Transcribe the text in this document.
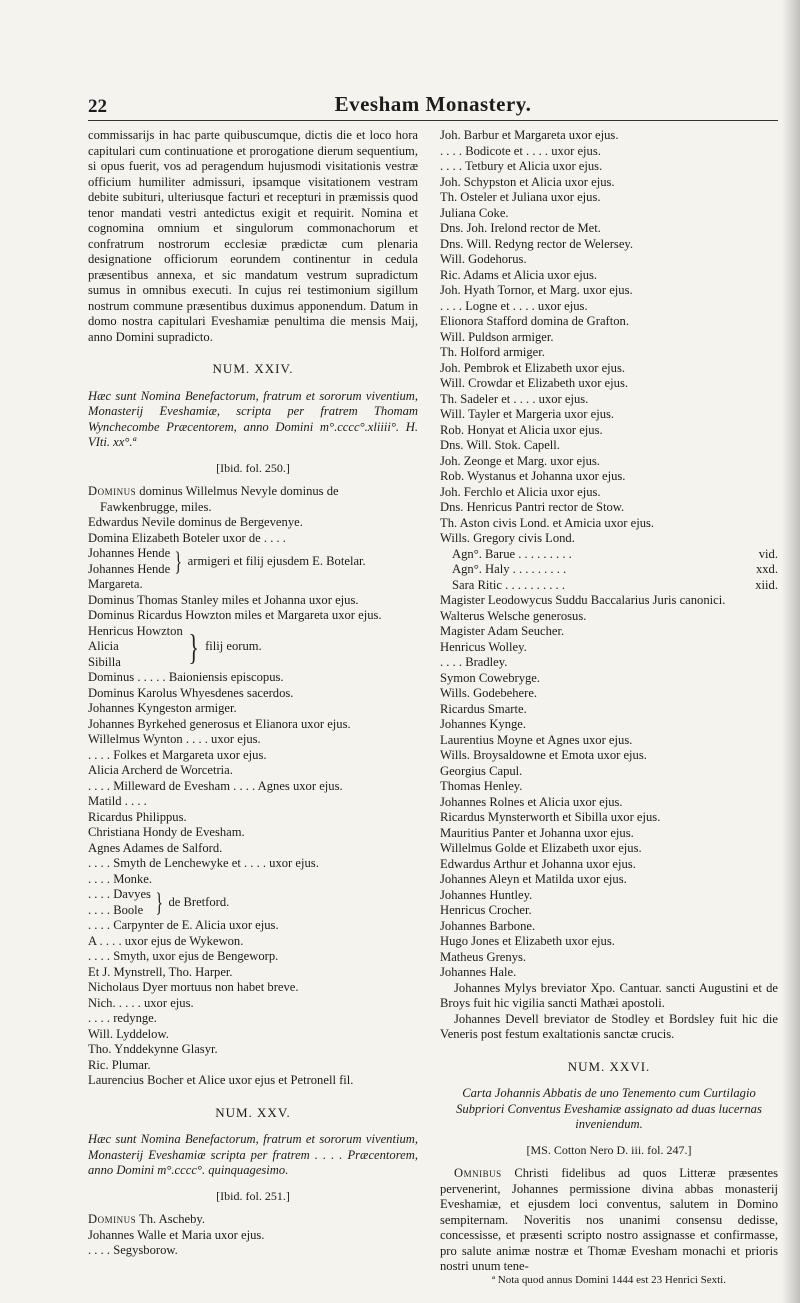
22	Evesham Monastery.

commissarijs in hac parte quibuscumque, dictis die et loco hora capitulari cum continuatione et prorogatione dierum sequentium, si opus fuerit, vos ad peragendum hujusmodi visitationis vestræ officium humiliter admissuri, ipsamque visitationem vestram debite subituri, ulteriusque facturi et recepturi in præmissis quod tenor mandati vestri antedictus exigit et requirit. Nomina et cognomina omnium et singulorum commonachorum et confratrum nostrorum ecclesiæ prædictæ cum plenaria designatione officiorum eorundem continentur in cedula præsentibus annexa, et sic mandatum vestrum supradictum sumus in omnibus executi. In cujus rei testimonium sigillum nostrum commune præsentibus duximus apponendum. Datum in domo nostra capitulari Eveshamiæ penultima die mensis Maij, anno Domini supradicto.

NUM. XXIV.

Hæc sunt Nomina Benefactorum, fratrum et sororum viventium, Monasterij Eveshamiæ, scripta per fratrem Thomam Wynchecombe Præcentorem, anno Domini m°.cccc°.xliiii°. H. VIti. xx°.ª

[Ibid. fol. 250.]

Dominus dominus Willelmus Nevyle dominus de Fawkenbrugge, miles.

Edwardus Nevile dominus de Bergevenye.

Domina Elizabeth Boteler uxor de . . . .

Johannes Hende
Johannes Hende } armigeri et filij ejusdem E. Botelar.

Margareta.

Dominus Thomas Stanley miles et Johanna uxor ejus.

Dominus Ricardus Howzton miles et Margareta uxor ejus.

Henricus Howzton
Alicia
Sibilla	} filij eorum.

Dominus . . . . . Baioniensis episcopus.

Dominus Karolus Whyesdenes sacerdos.

Johannes Kyngeston armiger.

Johannes Byrkehed generosus et Elianora uxor ejus.

Willelmus Wynton . . . . uxor ejus.

. . . . Folkes et Margareta uxor ejus.

Alicia Archerd de Worcetria.

. . . . Milleward de Evesham . . . . Agnes uxor ejus.

Matild . . . .

Ricardus Philippus.

Christiana Hondy de Evesham.

Agnes Adames de Salford.

. . . . Smyth de Lenchewyke et . . . . uxor ejus.

. . . . Monke.

. . . . Davyes
. . . . Boole } de Bretford.

. . . . Carpynter de E. Alicia uxor ejus.

A . . . . uxor ejus de Wykewon.

. . . . Smyth, uxor ejus de Bengeworp.

Et J. Mynstrell, Tho. Harper.

Nicholaus Dyer mortuus non habet breve.

Nich. . . . . uxor ejus.

. . . . redynge.

Will. Lyddelow.

Tho. Ynddekynne Glasyr.

Ric. Plumar.

Laurencius Bocher et Alice uxor ejus et Petronell fil.

NUM. XXV.

Hæc sunt Nomina Benefactorum, fratrum et sororum viventium, Monasterij Eveshamiæ scripta per fratrem . . . . Præcentorem, anno Domini m°.cccc°. quinquagesimo.

[Ibid. fol. 251.]

Dominus Th. Ascheby.

Johannes Walle et Maria uxor ejus.

. . . . Segysborow.

Joh. Barbur et Margareta uxor ejus.

. . . . Bodicote et . . . . uxor ejus.

. . . . Tetbury et Alicia uxor ejus.

Joh. Schypston et Alicia uxor ejus.

Th. Osteler et Juliana uxor ejus.

Juliana Coke.

Dns. Joh. Irelond rector de Met.

Dns. Will. Redyng rector de Welersey.

Will. Godehorus.

Ric. Adams et Alicia uxor ejus.

Joh. Hyath Tornor, et Marg. uxor ejus.

. . . . Logne et . . . . uxor ejus.

Elionora Stafford domina de Grafton.

Will. Puldson armiger.

Th. Holford armiger.

Joh. Pembrok et Elizabeth uxor ejus.

Will. Crowdar et Elizabeth uxor ejus.

Th. Sadeler et . . . . uxor ejus.

Will. Tayler et Margeria uxor ejus.

Rob. Honyat et Alicia uxor ejus.

Dns. Will. Stok. Capell.

Joh. Zeonge et Marg. uxor ejus.

Rob. Wystanus et Johanna uxor ejus.

Joh. Ferchlo et Alicia uxor ejus.

Dns. Henricus Pantri rector de Stow.

Th. Aston civis Lond. et Amicia uxor ejus.

Wills. Gregory civis Lond.

Agn°. Barue . . . . . . . . .	vid.
Agn°. Haly . . . . . . . . .	xxd.
Sara Ritic . . . . . . . . . .	xiid.

Magister Leodowycus Suddu Baccalarius Juris canonici.

Walterus Welsche generosus.

Magister Adam Seucher.

Henricus Wolley.

. . . . Bradley.

Symon Cowebryge.

Wills. Godebehere.

Ricardus Smarte.

Johannes Kynge.

Laurentius Moyne et Agnes uxor ejus.

Wills. Broysaldowne et Emota uxor ejus.

Georgius Capul.

Thomas Henley.

Johannes Rolnes et Alicia uxor ejus.

Ricardus Mynsterworth et Sibilla uxor ejus.

Mauritius Panter et Johanna uxor ejus.

Willelmus Golde et Elizabeth uxor ejus.

Edwardus Arthur et Johanna uxor ejus.

Johannes Aleyn et Matilda uxor ejus.

Johannes Huntley.

Henricus Crocher.

Johannes Barbone.

Hugo Jones et Elizabeth uxor ejus.

Matheus Grenys.

Johannes Hale.

Johannes Mylys breviator Xpo. Cantuar. sancti Augustini et de Broys fuit hic vigilia sancti Mathæi apostoli.

Johannes Devell breviator de Stodley et Bordsley fuit hic die Veneris post festum exaltationis sanctæ crucis.

NUM. XXVI.

Carta Johannis Abbatis de uno Tenemento cum Curtilagio Subpriori Conventus Eveshamiæ assignato ad duas lucernas inveniendum.

[MS. Cotton Nero D. iii. fol. 247.]

Omnibus Christi fidelibus ad quos Litteræ præsentes pervenerint, Johannes permissione divina abbas monasterij Eveshamiæ, et ejusdem loci conventus, salutem in Domino sempiternam. Noveritis nos unanimi consensu dedisse, concessisse, et præsenti scripto nostro assignasse et confirmasse, pro salute animæ nostræ et Thomæ Evesham monachi et prioris nostri unum tene-

ª Nota quod annus Domini 1444 est 23 Henrici Sexti.
